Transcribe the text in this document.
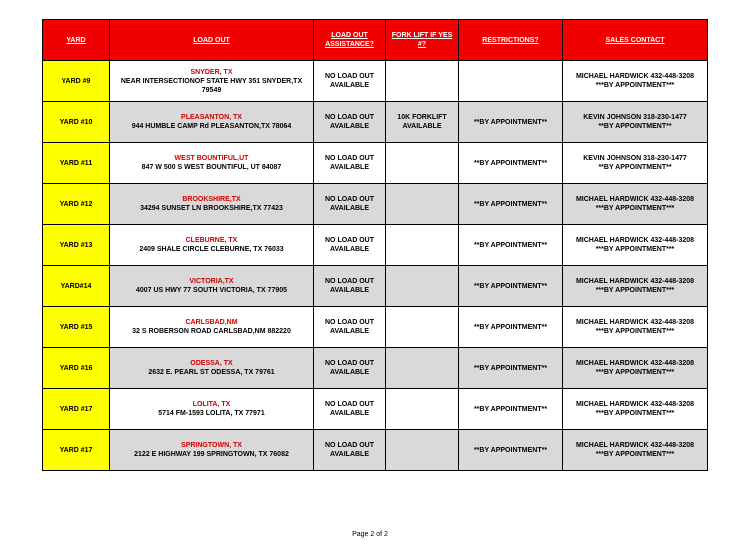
YARD	LOAD OUT	LOAD OUT ASSISTANCE?	FORK LIFT IF YES #?	RESTRICTIONS?	SALES CONTACT
YARD #9	SNYDER, TX
NEAR INTERSECTIONOF STATE HWY 351 SNYDER,TX 79549	NO LOAD OUT AVAILABLE			MICHAEL HARDWICK 432-448-3208
***BY APPOINTMENT***

YARD #10	PLEASANTON, TX
944 HUMBLE CAMP Rd PLEASANTON,TX 78064	NO LOAD OUT AVAILABLE	10K FORKLIFT AVAILABLE	**BY APPOINTMENT**	KEVIN JOHNSON 318-230-1477
**BY APPOINTMENT**

YARD #11	WEST BOUNTIFUL,UT
847 W 500 S WEST BOUNTIFUL, UT 84087	NO LOAD OUT AVAILABLE		**BY APPOINTMENT**	KEVIN JOHNSON 318-230-1477
**BY APPOINTMENT**

YARD #12	BROOKSHIRE,TX
34294 SUNSET LN BROOKSHIRE,TX 77423	NO LOAD OUT AVAILABLE		**BY APPOINTMENT**	MICHAEL HARDWICK 432-448-3208
***BY APPOINTMENT***

YARD #13	CLEBURNE, TX
2409 SHALE CIRCLE CLEBURNE, TX 76033	NO LOAD OUT AVAILABLE		**BY APPOINTMENT**	MICHAEL HARDWICK 432-448-3208
***BY APPOINTMENT***

YARD#14	VICTORIA,TX
4007 US HWY 77 SOUTH VICTORIA, TX 77905	NO LOAD OUT AVAILABLE		**BY APPOINTMENT**	MICHAEL HARDWICK 432-448-3208
***BY APPOINTMENT***

YARD #15	CARLSBAD,NM
32 S ROBERSON ROAD CARLSBAD,NM 882220	NO LOAD OUT AVAILABLE		**BY APPOINTMENT**	MICHAEL HARDWICK 432-448-3208
***BY APPOINTMENT***

YARD #16	ODESSA, TX
2632 E. PEARL ST ODESSA, TX 79761	NO LOAD OUT AVAILABLE		**BY APPOINTMENT**	MICHAEL HARDWICK 432-448-3208
***BY APPOINTMENT***

YARD #17	LOLITA, TX
5714 FM-1593 LOLITA, TX 77971	NO LOAD OUT AVAILABLE		**BY APPOINTMENT**	MICHAEL HARDWICK 432-448-3208
***BY APPOINTMENT***

YARD #17	SPRINGTOWN, TX
2122 E HIGHWAY 199 SPRINGTOWN, TX 76082	NO LOAD OUT AVAILABLE		**BY APPOINTMENT**	MICHAEL HARDWICK 432-448-3208
***BY APPOINTMENT***
Page 2 of 2
